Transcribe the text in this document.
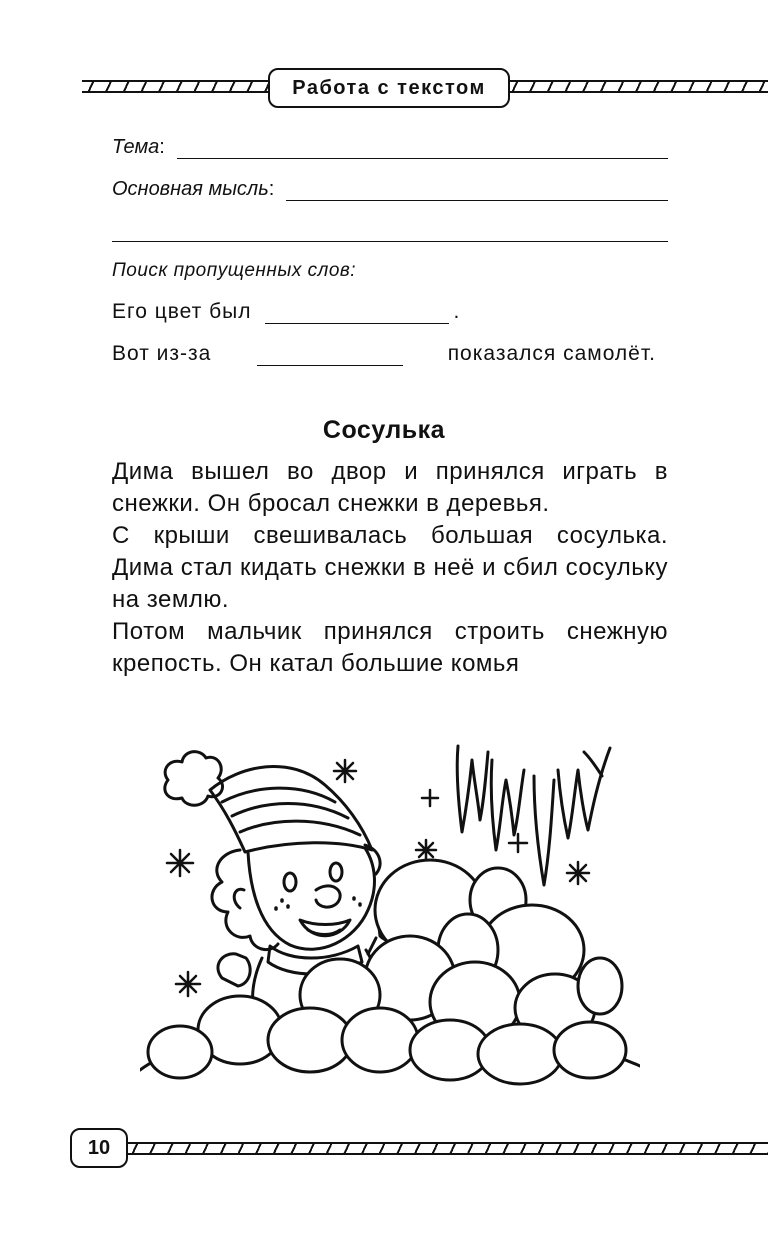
Работа с текстом
Тема :
Основная мысль :
Поиск пропущенных слов:
Его цвет был	.
Вот из-за	показался самолёт.
Сосулька

Дима вышел во двор и принялся играть в снежки. Он бросал снежки в деревья.

С крыши свешивалась большая сосулька. Дима стал кидать снежки в неё и сбил сосульку на землю.

Потом мальчик принялся строить снежную крепость. Он катал большие комья

10
